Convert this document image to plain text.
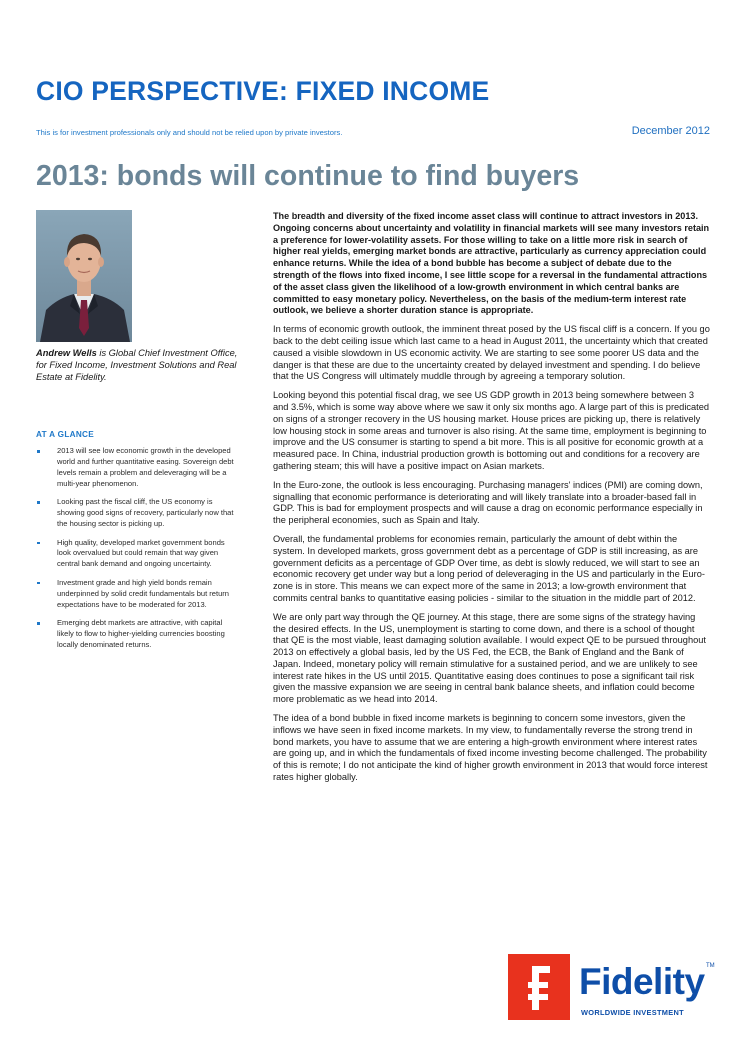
CIO PERSPECTIVE: FIXED INCOME
This is for investment professionals only and should not be relied upon by private investors.	December 2012
2013: bonds will continue to find buyers
Andrew Wells is Global Chief Investment Office, for Fixed Income, Investment Solutions and Real Estate at Fidelity.
AT A GLANCE
2013 will see low economic growth in the developed world and further quantitative easing. Sovereign debt levels remain a problem and deleveraging will be a multi-year phenomenon.
Looking past the fiscal cliff, the US economy is showing good signs of recovery, particularly now that the housing sector is picking up.
High quality, developed market government bonds look overvalued but could remain that way given central bank demand and ongoing uncertainty.
Investment grade and high yield bonds remain underpinned by solid credit fundamentals but return expectations have to be moderated for 2013.
Emerging debt markets are attractive, with capital likely to flow to higher-yielding currencies boosting locally denominated returns.

The breadth and diversity of the fixed income asset class will continue to attract investors in 2013. Ongoing concerns about uncertainty and volatility in financial markets will see many investors retain a preference for lower-volatility assets. For those willing to take on a little more risk in search of higher real yields, emerging market bonds are attractive, particularly as currency appreciation could enhance returns. While the idea of a bond bubble has become a subject of debate due to the strength of the flows into fixed income, I see little scope for a reversal in the fundamental attractions of the asset class given the likelihood of a low-growth environment in which central banks are committed to easy monetary policy. Nevertheless, on the basis of the medium-term interest rate outlook, we believe a shorter duration stance is appropriate.

In terms of economic growth outlook, the imminent threat posed by the US fiscal cliff is a concern. If you go back to the debt ceiling issue which last came to a head in August 2011, the uncertainty which that created caused a visible slowdown in US economic activity. We are starting to see some poorer US data and the danger is that these are due to the uncertainty created by delayed investment and spending. I do believe that the US Congress will ultimately muddle through by agreeing a temporary solution.

Looking beyond this potential fiscal drag, we see US GDP growth in 2013 being somewhere between 3 and 3.5%, which is some way above where we saw it only six months ago. A large part of this is predicated on signs of a stronger recovery in the US housing market. House prices are picking up, there is relatively low housing stock in some areas and turnover is also rising. At the same time, employment is beginning to improve and the US consumer is starting to spend a bit more. This is all positive for economic growth at a measured pace. In China, industrial production growth is bottoming out and conditions for a recovery are gathering steam; this will have a positive impact on Asian markets.

In the Euro-zone, the outlook is less encouraging. Purchasing managers' indices (PMI) are coming down, signalling that economic performance is deteriorating and will likely translate into a broader-based fall in GDP. This is bad for employment prospects and will cause a drag on economic performance especially in the peripheral economies, such as Spain and Italy.

Overall, the fundamental problems for economies remain, particularly the amount of debt within the system. In developed markets, gross government debt as a percentage of GDP is still increasing, as are government deficits as a percentage of GDP Over time, as debt is slowly reduced, we will start to see an economic recovery get under way but a long period of deleveraging in the US and particularly in the Euro-zone is in store. This means we can expect more of the same in 2013; a low-growth environment that commits central banks to quantitative easing policies - similar to the situation in the middle part of 2012.

We are only part way through the QE journey. At this stage, there are some signs of the strategy having the desired effects. In the US, unemployment is starting to come down, and there is a school of thought that QE is the most viable, least damaging solution available. I would expect QE to be pursued throughout 2013 on effectively a global basis, led by the US Fed, the ECB, the Bank of England and the Bank of Japan. Indeed, monetary policy will remain stimulative for a sustained period, and we are unlikely to see interest rate hikes in the US until 2015. Quantitative easing does continues to pose a significant tail risk given the massive expansion we are seeing in central bank balance sheets, and inflation could become more problematic as we head into 2014.

The idea of a bond bubble in fixed income markets is beginning to concern some investors, given the inflows we have seen in fixed income markets. In my view, to fundamentally reverse the strong trend in bond markets, you have to assume that we are entering a high-growth environment where interest rates are going up, and in which the fundamentals of fixed income investing become challenged. The probability of this is remote; I do not anticipate the kind of higher growth environment in 2013 that would force interest rates higher globally.

Fidelity TM
WORLDWIDE INVESTMENT
